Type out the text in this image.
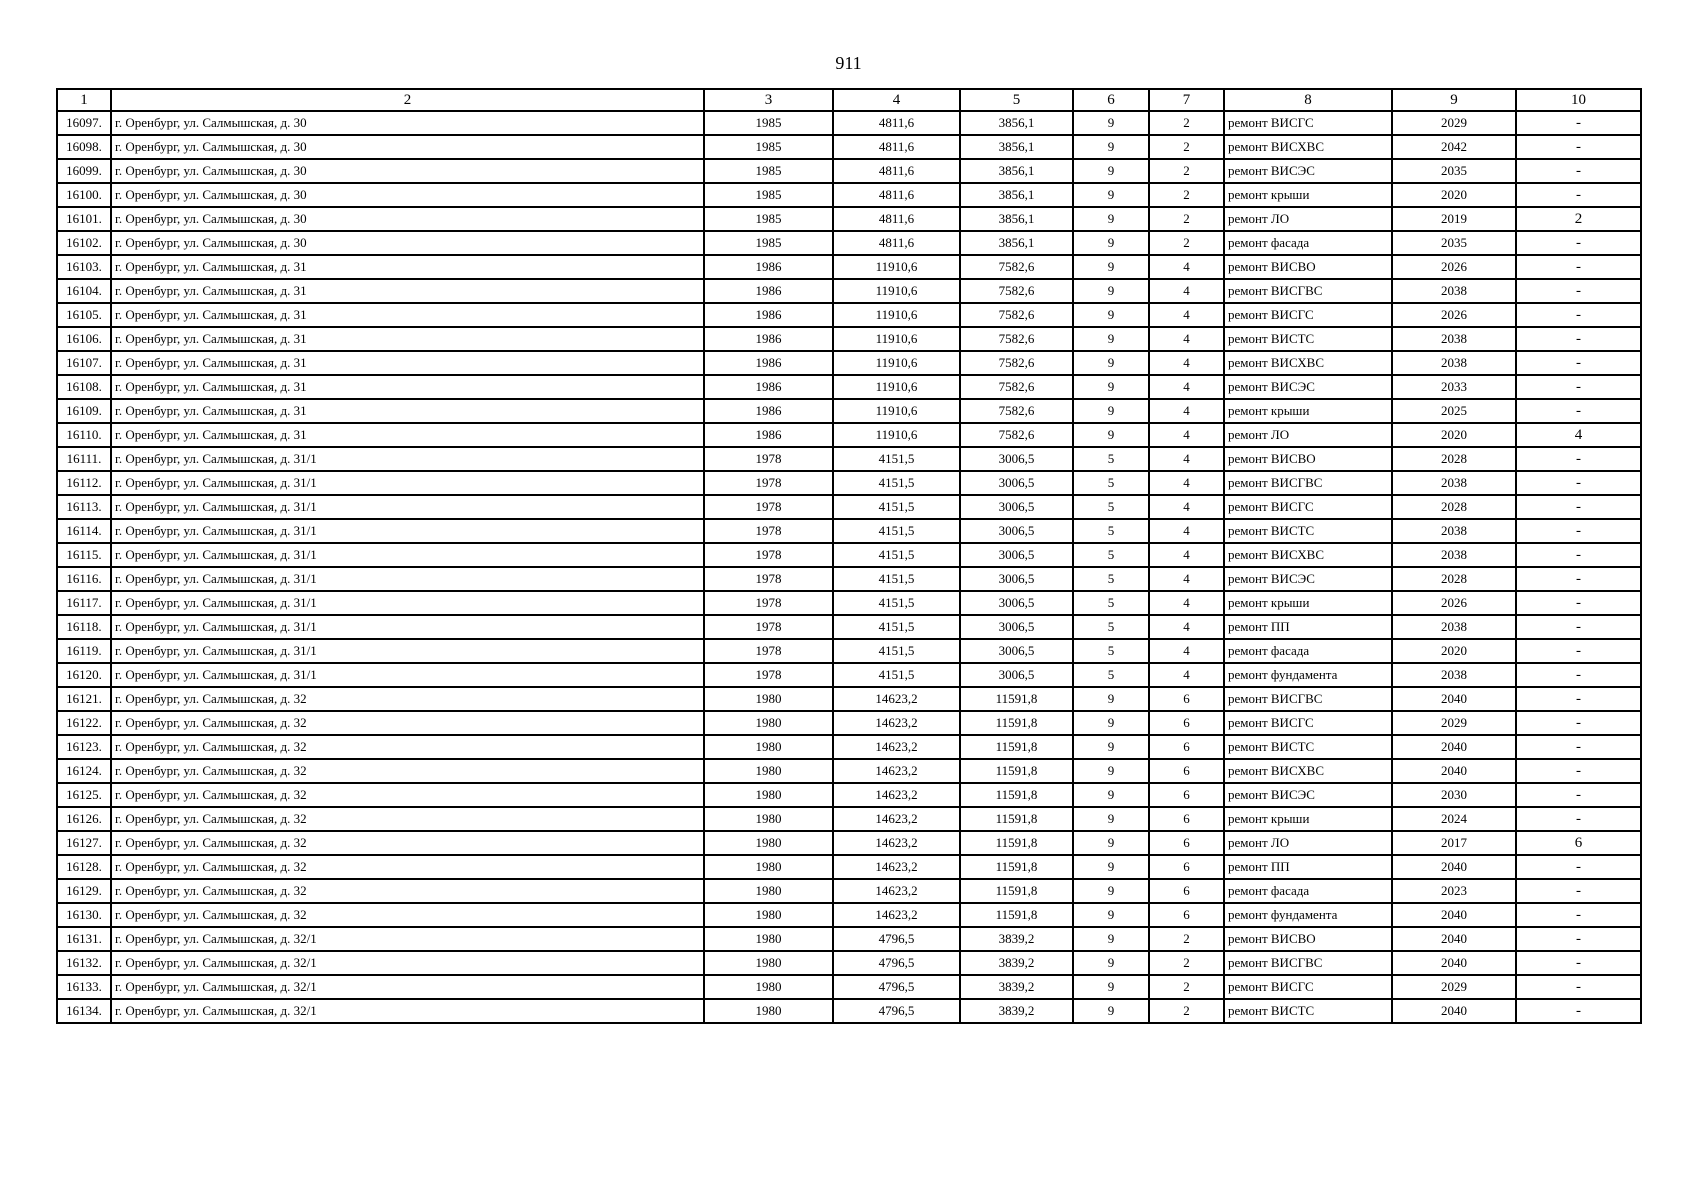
911
1	2	3	4	5	6	7	8	9	10
16097.	г. Оренбург, ул. Салмышская, д. 30	1985	4811,6	3856,1	9	2	ремонт ВИСГС	2029	-
16098.	г. Оренбург, ул. Салмышская, д. 30	1985	4811,6	3856,1	9	2	ремонт ВИСХВС	2042	-
16099.	г. Оренбург, ул. Салмышская, д. 30	1985	4811,6	3856,1	9	2	ремонт ВИСЭС	2035	-
16100.	г. Оренбург, ул. Салмышская, д. 30	1985	4811,6	3856,1	9	2	ремонт крыши	2020	-
16101.	г. Оренбург, ул. Салмышская, д. 30	1985	4811,6	3856,1	9	2	ремонт ЛО	2019	2
16102.	г. Оренбург, ул. Салмышская, д. 30	1985	4811,6	3856,1	9	2	ремонт фасада	2035	-
16103.	г. Оренбург, ул. Салмышская, д. 31	1986	11910,6	7582,6	9	4	ремонт ВИСВО	2026	-
16104.	г. Оренбург, ул. Салмышская, д. 31	1986	11910,6	7582,6	9	4	ремонт ВИСГВС	2038	-
16105.	г. Оренбург, ул. Салмышская, д. 31	1986	11910,6	7582,6	9	4	ремонт ВИСГС	2026	-
16106.	г. Оренбург, ул. Салмышская, д. 31	1986	11910,6	7582,6	9	4	ремонт ВИСТС	2038	-
16107.	г. Оренбург, ул. Салмышская, д. 31	1986	11910,6	7582,6	9	4	ремонт ВИСХВС	2038	-
16108.	г. Оренбург, ул. Салмышская, д. 31	1986	11910,6	7582,6	9	4	ремонт ВИСЭС	2033	-
16109.	г. Оренбург, ул. Салмышская, д. 31	1986	11910,6	7582,6	9	4	ремонт крыши	2025	-
16110.	г. Оренбург, ул. Салмышская, д. 31	1986	11910,6	7582,6	9	4	ремонт ЛО	2020	4
16111.	г. Оренбург, ул. Салмышская, д. 31/1	1978	4151,5	3006,5	5	4	ремонт ВИСВО	2028	-
16112.	г. Оренбург, ул. Салмышская, д. 31/1	1978	4151,5	3006,5	5	4	ремонт ВИСГВС	2038	-
16113.	г. Оренбург, ул. Салмышская, д. 31/1	1978	4151,5	3006,5	5	4	ремонт ВИСГС	2028	-
16114.	г. Оренбург, ул. Салмышская, д. 31/1	1978	4151,5	3006,5	5	4	ремонт ВИСТС	2038	-
16115.	г. Оренбург, ул. Салмышская, д. 31/1	1978	4151,5	3006,5	5	4	ремонт ВИСХВС	2038	-
16116.	г. Оренбург, ул. Салмышская, д. 31/1	1978	4151,5	3006,5	5	4	ремонт ВИСЭС	2028	-
16117.	г. Оренбург, ул. Салмышская, д. 31/1	1978	4151,5	3006,5	5	4	ремонт крыши	2026	-
16118.	г. Оренбург, ул. Салмышская, д. 31/1	1978	4151,5	3006,5	5	4	ремонт ПП	2038	-
16119.	г. Оренбург, ул. Салмышская, д. 31/1	1978	4151,5	3006,5	5	4	ремонт фасада	2020	-
16120.	г. Оренбург, ул. Салмышская, д. 31/1	1978	4151,5	3006,5	5	4	ремонт фундамента	2038	-
16121.	г. Оренбург, ул. Салмышская, д. 32	1980	14623,2	11591,8	9	6	ремонт ВИСГВС	2040	-
16122.	г. Оренбург, ул. Салмышская, д. 32	1980	14623,2	11591,8	9	6	ремонт ВИСГС	2029	-
16123.	г. Оренбург, ул. Салмышская, д. 32	1980	14623,2	11591,8	9	6	ремонт ВИСТС	2040	-
16124.	г. Оренбург, ул. Салмышская, д. 32	1980	14623,2	11591,8	9	6	ремонт ВИСХВС	2040	-
16125.	г. Оренбург, ул. Салмышская, д. 32	1980	14623,2	11591,8	9	6	ремонт ВИСЭС	2030	-
16126.	г. Оренбург, ул. Салмышская, д. 32	1980	14623,2	11591,8	9	6	ремонт крыши	2024	-
16127.	г. Оренбург, ул. Салмышская, д. 32	1980	14623,2	11591,8	9	6	ремонт ЛО	2017	6
16128.	г. Оренбург, ул. Салмышская, д. 32	1980	14623,2	11591,8	9	6	ремонт ПП	2040	-
16129.	г. Оренбург, ул. Салмышская, д. 32	1980	14623,2	11591,8	9	6	ремонт фасада	2023	-
16130.	г. Оренбург, ул. Салмышская, д. 32	1980	14623,2	11591,8	9	6	ремонт фундамента	2040	-
16131.	г. Оренбург, ул. Салмышская, д. 32/1	1980	4796,5	3839,2	9	2	ремонт ВИСВО	2040	-
16132.	г. Оренбург, ул. Салмышская, д. 32/1	1980	4796,5	3839,2	9	2	ремонт ВИСГВС	2040	-
16133.	г. Оренбург, ул. Салмышская, д. 32/1	1980	4796,5	3839,2	9	2	ремонт ВИСГС	2029	-
16134.	г. Оренбург, ул. Салмышская, д. 32/1	1980	4796,5	3839,2	9	2	ремонт ВИСТС	2040	-
